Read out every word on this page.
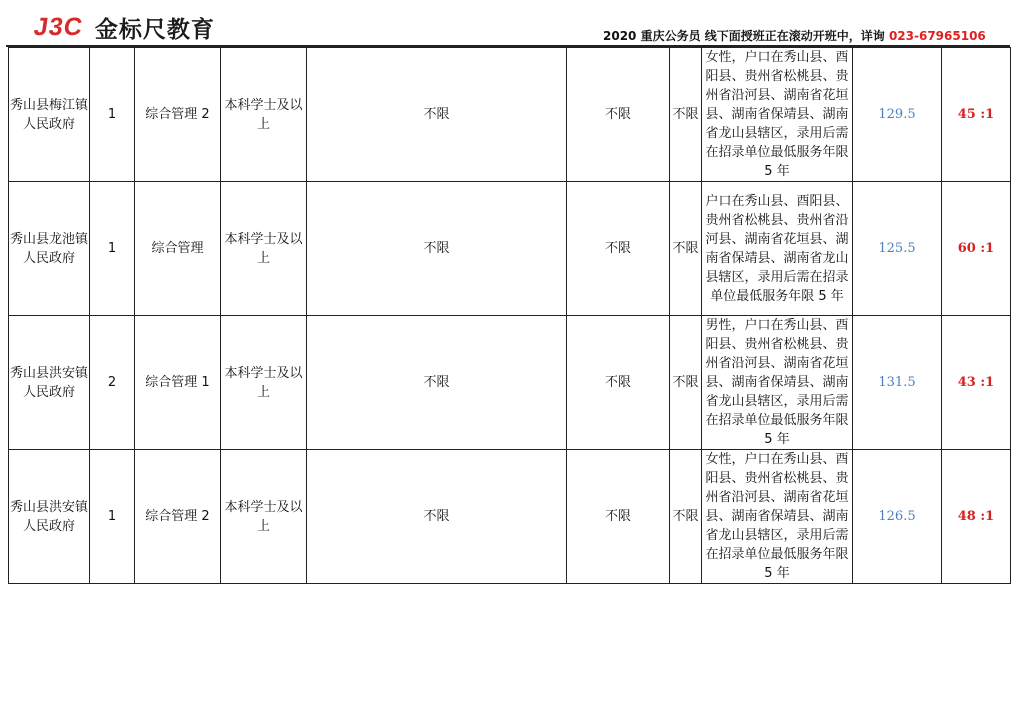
J3C 金标尺教育	2020 重庆公务员 线下面授班正在滚动开班中，详询 023-67965106
秀山县梅江镇人民政府	1	综合管理 2	本科学士及以上	不限	不限	不限	女性，户口在秀山县、酉阳县、贵州省松桃县、贵州省沿河县、湖南省花垣县、湖南省保靖县、湖南省龙山县辖区，录用后需在招录单位最低服务年限 5 年	129.5	45 :1
秀山县龙池镇人民政府	1	综合管理	本科学士及以上	不限	不限	不限	户口在秀山县、酉阳县、贵州省松桃县、贵州省沿河县、湖南省花垣县、湖南省保靖县、湖南省龙山县辖区，录用后需在招录单位最低服务年限 5 年	125.5	60 :1
秀山县洪安镇人民政府	2	综合管理 1	本科学士及以上	不限	不限	不限	男性，户口在秀山县、酉阳县、贵州省松桃县、贵州省沿河县、湖南省花垣县、湖南省保靖县、湖南省龙山县辖区，录用后需在招录单位最低服务年限 5 年	131.5	43 :1
秀山县洪安镇人民政府	1	综合管理 2	本科学士及以上	不限	不限	不限	女性，户口在秀山县、酉阳县、贵州省松桃县、贵州省沿河县、湖南省花垣县、湖南省保靖县、湖南省龙山县辖区，录用后需在招录单位最低服务年限 5 年	126.5	48 :1
